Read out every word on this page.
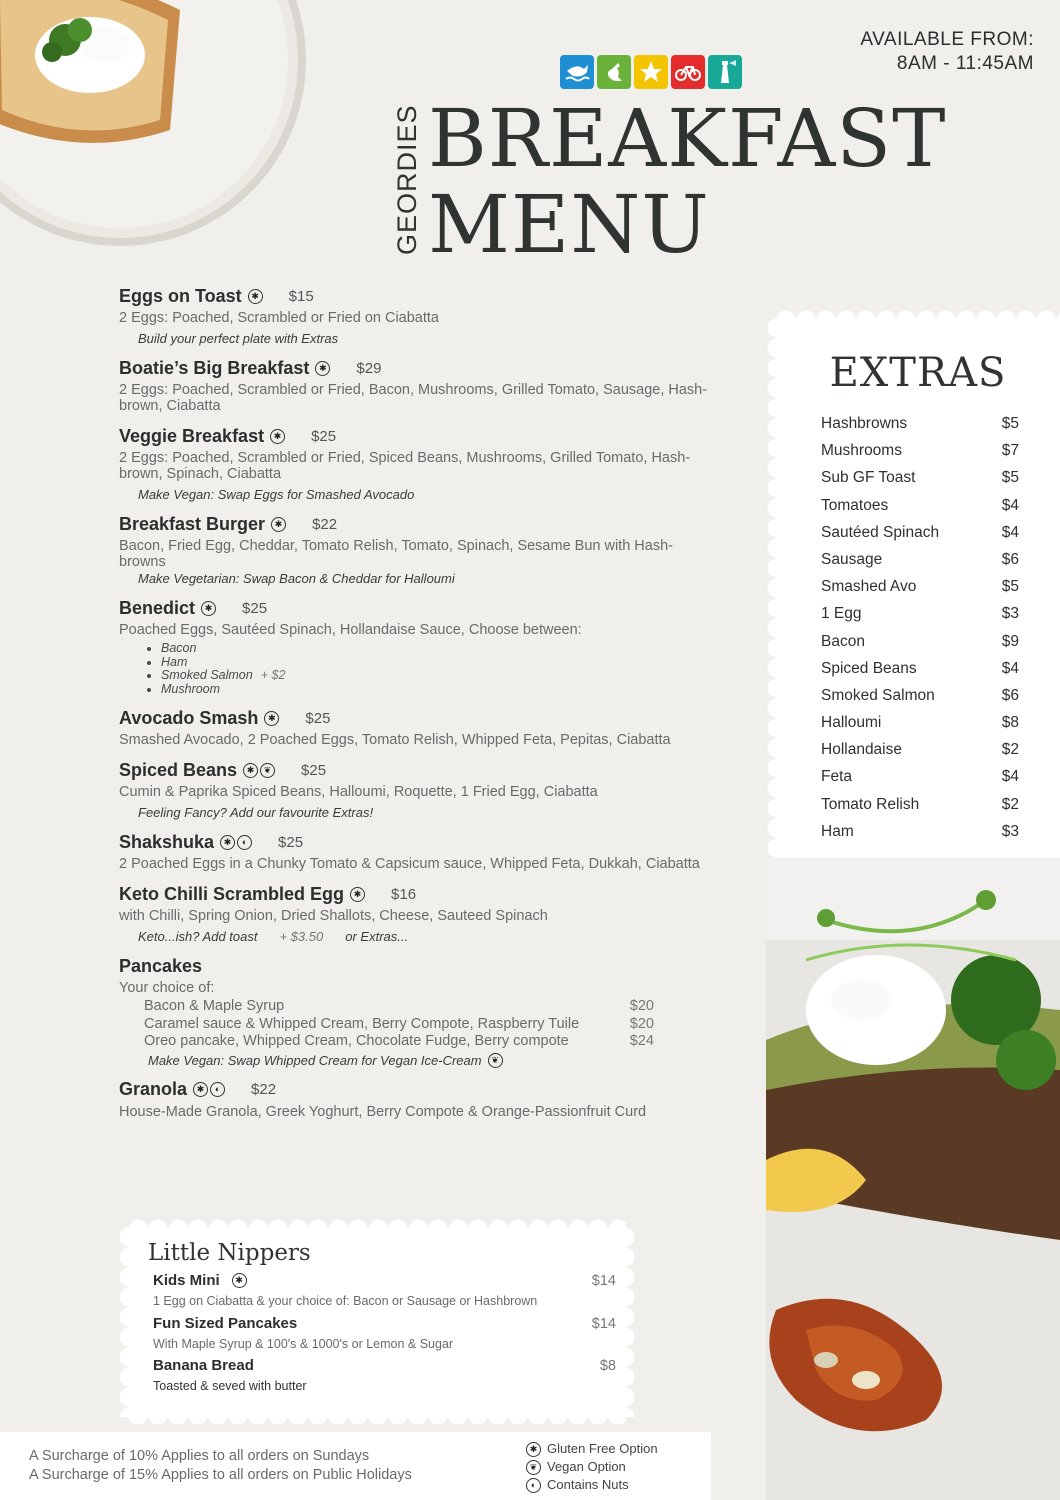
AVAILABLE FROM:
8AM - 11:45AM
GEORDIES BREAKFAST
MENU
Eggs on Toast	✱ $15
2 Eggs: Poached, Scrambled or Fried on Ciabatta
Build your perfect plate with Extras
Boatie’s Big Breakfast	✱ $29
2 Eggs: Poached, Scrambled or Fried, Bacon, Mushrooms, Grilled Tomato, Sausage, Hash-brown, Ciabatta
Veggie Breakfast	✱ $25
2 Eggs: Poached, Scrambled or Fried, Spiced Beans, Mushrooms, Grilled Tomato, Hash-brown, Spinach, Ciabatta
Make Vegan: Swap Eggs for Smashed Avocado
Breakfast Burger	✱ $22
Bacon, Fried Egg, Cheddar, Tomato Relish, Tomato, Spinach, Sesame Bun with Hash-browns
Make Vegetarian: Swap Bacon & Cheddar for Halloumi
Benedict	✱ $25
Poached Eggs, Sautéed Spinach, Hollandaise Sauce, Choose between:
• Bacon
• Ham
• Smoked Salmon + $2
• Mushroom
Avocado Smash	✱ $25
Smashed Avocado, 2 Poached Eggs, Tomato Relish, Whipped Feta, Pepitas, Ciabatta
Spiced Beans	✱	❦ $25
Cumin & Paprika Spiced Beans, Halloumi, Roquette, 1 Fried Egg, Ciabatta
Feeling Fancy? Add our favourite Extras!
Shakshuka	✱	◐	$25
2 Poached Eggs in a Chunky Tomato & Capsicum sauce, Whipped Feta, Dukkah, Ciabatta
Keto Chilli Scrambled Egg	✱ $16
with Chilli, Spring Onion, Dried Shallots, Cheese, Sauteed Spinach
Keto...ish? Add toast + $3.50 or Extras...
Pancakes
Your choice of:
Bacon & Maple Syrup	$20
Caramel sauce & Whipped Cream, Berry Compote, Raspberry Tuile	$20
Oreo pancake, Whipped Cream, Chocolate Fudge, Berry compote	$24
Make Vegan: Swap Whipped Cream for Vegan Ice-Cream	❦
Granola	✱	◐	$22
House-Made Granola, Greek Yoghurt, Berry Compote & Orange-Passionfruit Curd
EXTRAS
Hashbrowns	$5
Mushrooms	$7
Sub GF Toast	$5
Tomatoes	$4
Sautéed Spinach	$4
Sausage	$6
Smashed Avo	$5
1 Egg	$3
Bacon	$9
Spiced Beans	$4
Smoked Salmon	$6
Halloumi	$8
Hollandaise	$2
Feta	$4
Tomato Relish	$2
Ham	$3
Little Nippers
Kids Mini	✱	$14
1 Egg on Ciabatta & your choice of: Bacon or Sausage or Hashbrown
Fun Sized Pancakes	$14
With Maple Syrup & 100's & 1000's or Lemon & Sugar
Banana Bread	$8
Toasted & seved with butter
A Surcharge of 10% Applies to all orders on Sundays
A Surcharge of 15% Applies to all orders on Public Holidays
✱ Gluten Free Option
❦ Vegan Option
◐ Contains Nuts
